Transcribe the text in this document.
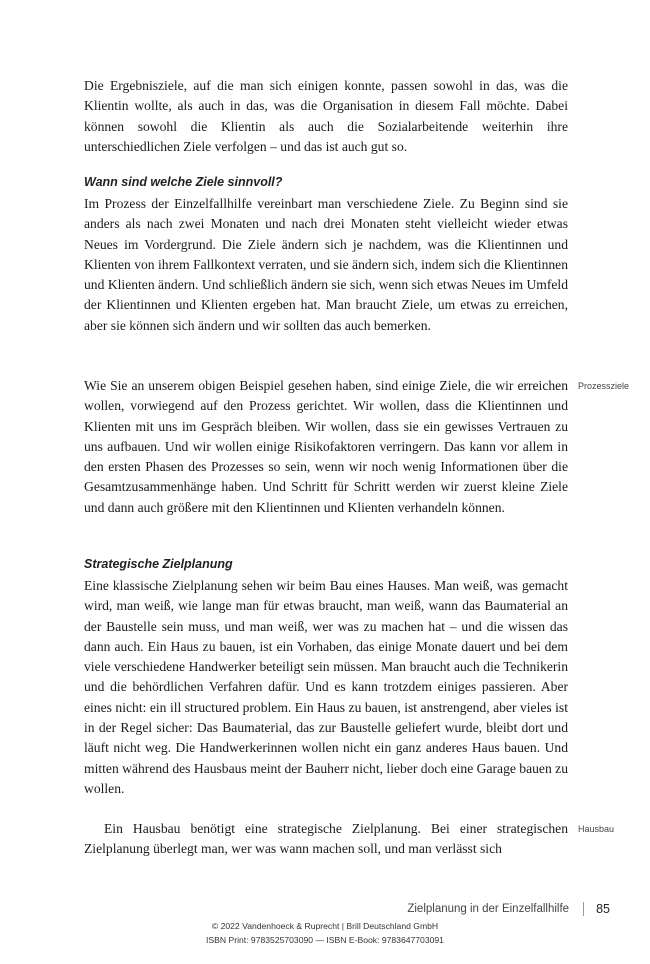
Die Ergebnisziele, auf die man sich einigen konnte, passen sowohl in das, was die Klientin wollte, als auch in das, was die Organisation in diesem Fall möchte. Dabei können sowohl die Klientin als auch die Sozialarbeitende weiterhin ihre unterschiedlichen Ziele verfolgen – und das ist auch gut so.

Wann sind welche Ziele sinnvoll?

Im Prozess der Einzelfallhilfe vereinbart man verschiedene Ziele. Zu Beginn sind sie anders als nach zwei Monaten und nach drei Monaten steht vielleicht wieder etwas Neues im Vordergrund. Die Ziele ändern sich je nachdem, was die Klientinnen und Klienten von ihrem Fallkontext verraten, und sie ändern sich, indem sich die Klientinnen und Klienten ändern. Und schließlich ändern sie sich, wenn sich etwas Neues im Umfeld der Klientinnen und Klienten ergeben hat. Man braucht Ziele, um etwas zu erreichen, aber sie können sich ändern und wir sollten das auch bemerken.

Wie Sie an unserem obigen Beispiel gesehen haben, sind einige Ziele, die wir erreichen wollen, vorwiegend auf den Prozess gerichtet. Wir wollen, dass die Klientinnen und Klienten mit uns im Gespräch bleiben. Wir wollen, dass sie ein gewisses Vertrauen zu uns aufbauen. Und wir wollen einige Risikofaktoren verringern. Das kann vor allem in den ersten Phasen des Prozesses so sein, wenn wir noch wenig Informationen über die Gesamtzusammenhänge haben. Und Schritt für Schritt werden wir zuerst kleine Ziele und dann auch größere mit den Klientinnen und Klienten verhandeln können.

Prozessziele

Strategische Zielplanung

Eine klassische Zielplanung sehen wir beim Bau eines Hauses. Man weiß, was gemacht wird, man weiß, wie lange man für etwas braucht, man weiß, wann das Baumaterial an der Baustelle sein muss, und man weiß, wer was zu machen hat – und die wissen das dann auch. Ein Haus zu bauen, ist ein Vorhaben, das einige Monate dauert und bei dem viele verschiedene Handwerker beteiligt sein müssen. Man braucht auch die Technikerin und die behördlichen Verfahren dafür. Und es kann trotzdem einiges passieren. Aber eines nicht: ein ill structured problem. Ein Haus zu bauen, ist anstrengend, aber vieles ist in der Regel sicher: Das Baumaterial, das zur Baustelle geliefert wurde, bleibt dort und läuft nicht weg. Die Handwerkerinnen wollen nicht ein ganz anderes Haus bauen. Und mitten während des Hausbaus meint der Bauherr nicht, lieber doch eine Garage bauen zu wollen.

Ein Hausbau benötigt eine strategische Zielplanung. Bei einer strategischen Zielplanung überlegt man, wer was wann machen soll, und man verlässt sich

Hausbau

Zielplanung in der Einzelfallhilfe 85

© 2022 Vandenhoeck & Ruprecht | Brill Deutschland GmbH

ISBN Print: 9783525703090 — ISBN E-Book: 9783647703091
